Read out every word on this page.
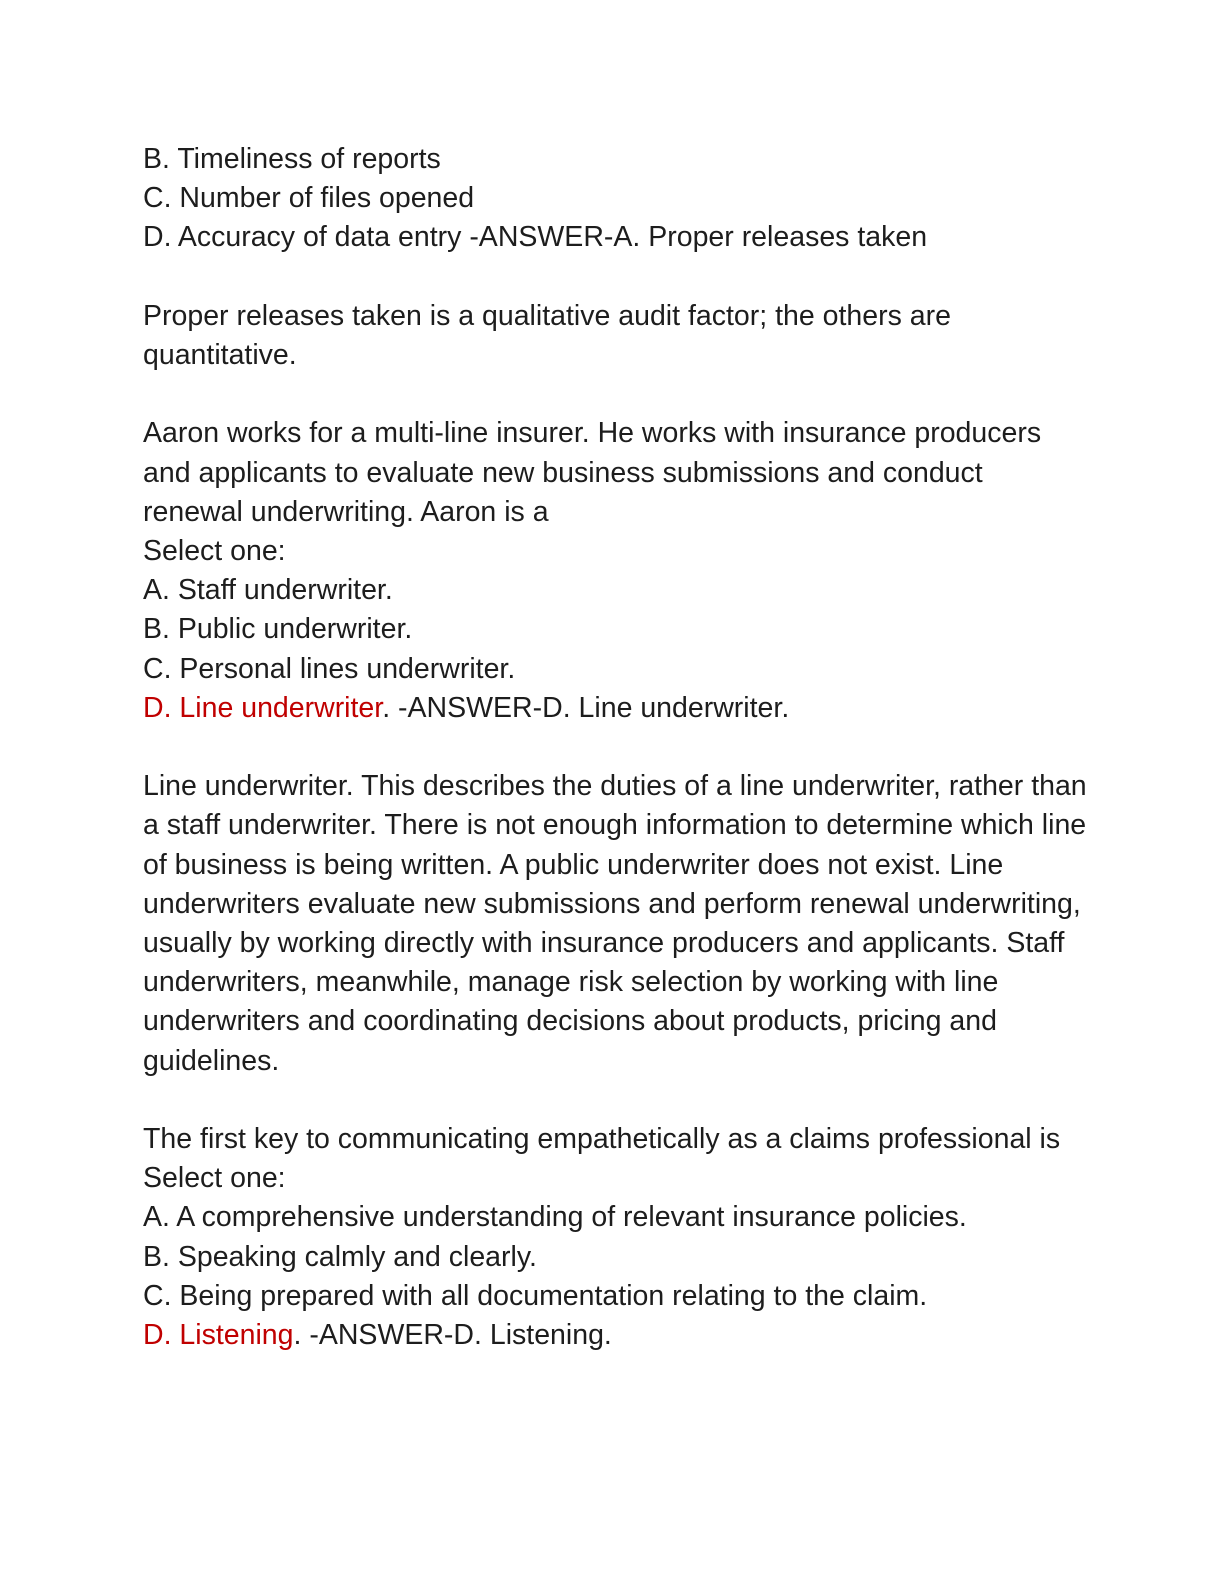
B. Timeliness of reports
C. Number of files opened
D. Accuracy of data entry -ANSWER-A. Proper releases taken

Proper releases taken is a qualitative audit factor; the others are quantitative.

Aaron works for a multi-line insurer. He works with insurance producers and applicants to evaluate new business submissions and conduct renewal underwriting. Aaron is a

Select one:
A. Staff underwriter.
B. Public underwriter.
C. Personal lines underwriter.
D. Line underwriter. -ANSWER-D. Line underwriter.

Line underwriter. This describes the duties of a line underwriter, rather than a staff underwriter. There is not enough information to determine which line of business is being written. A public underwriter does not exist. Line underwriters evaluate new submissions and perform renewal underwriting, usually by working directly with insurance producers and applicants. Staff underwriters, meanwhile, manage risk selection by working with line underwriters and coordinating decisions about products, pricing and guidelines.

The first key to communicating empathetically as a claims professional is

Select one:
A. A comprehensive understanding of relevant insurance policies.
B. Speaking calmly and clearly.
C. Being prepared with all documentation relating to the claim.
D. Listening. -ANSWER-D. Listening.
